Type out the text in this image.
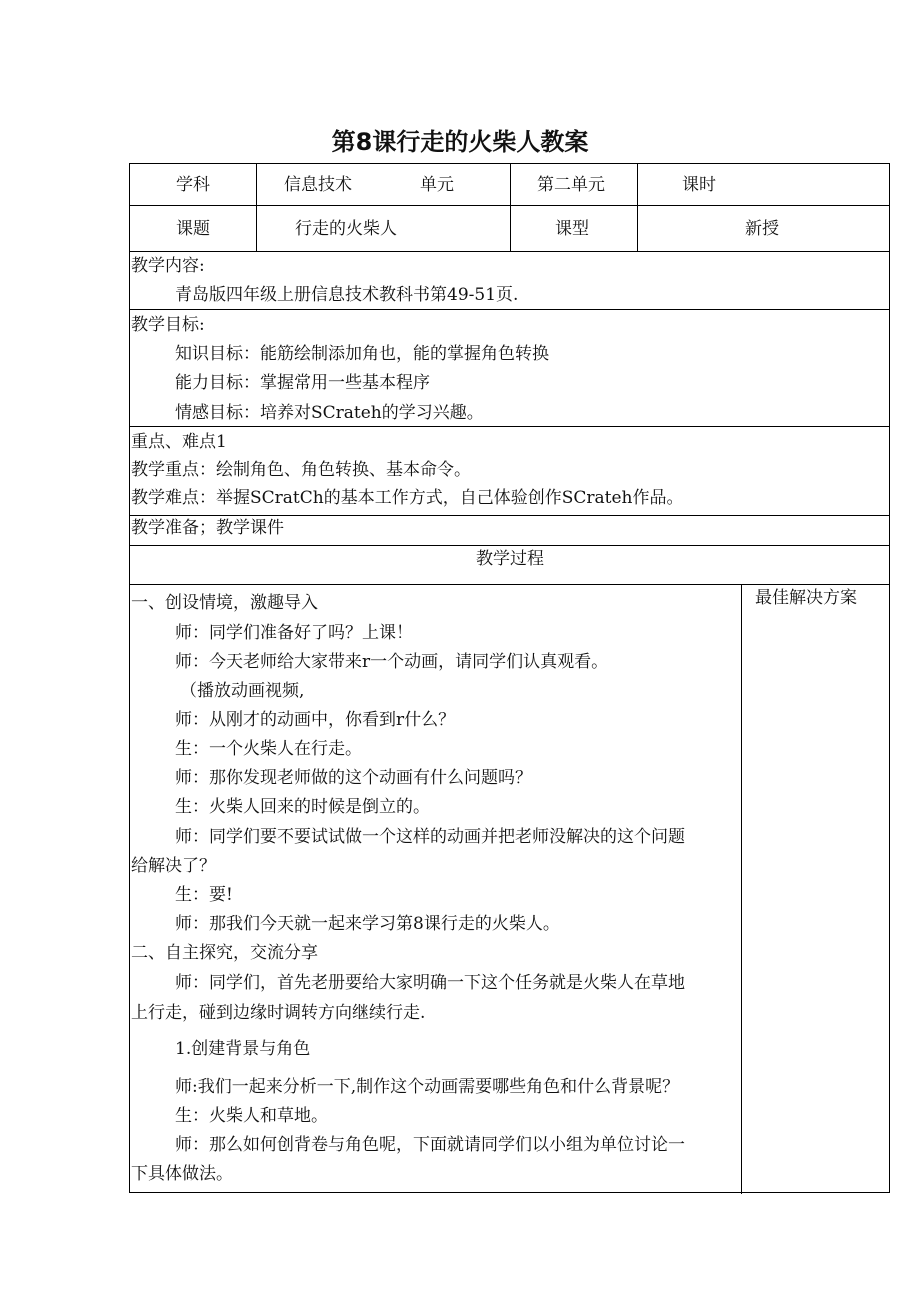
第8课行走的火柴人教案
学科	信息技术	单元	第二单元	课时
课题	行走的火柴人	课型	新授
教学内容:
青岛版四年级上册信息技术教科书第49-51页.
教学目标:
知识目标：能筋绘制添加角也，能的掌握角色转换
能力目标：掌握常用一些基本程序
情感目标：培养对SCrateh的学习兴趣。
重点、难点1
教学重点：绘制角色、角色转换、基本命令。
教学难点：举握SCratCh的基本工作方式，自己体验创作SCrateh作品。
教学准备；教学课件
教学过程
最佳解决方案
一、创设情境，激趣导入
师：同学们准备好了吗？上课！
师：今天老师给大家带来r一个动画，请同学们认真观看。
（播放动画视频,
师：从刚才的动画中，你看到r什么？
生：一个火柴人在行走。
师：那你发现老师做的这个动画有什么问题吗？
生：火柴人回来的时候是倒立的。
师：同学们要不要试试做一个这样的动画并把老师没解决的这个问题
给解决了？
生：要!
师：那我们今天就一起来学习第8课行走的火柴人。
二、自主探究，交流分享
师：同学们，首先老册要给大家明确一下这个任务就是火柴人在草地
上行走，碰到边缘时调转方向继续行走.
1.创建背景与角色
师:我们一起来分析一下,制作这个动画需要哪些角色和什么背景呢？
生：火柴人和草地。
师：那么如何创背卷与角色呢，下面就请同学们以小组为单位讨论一
下具体做法。
